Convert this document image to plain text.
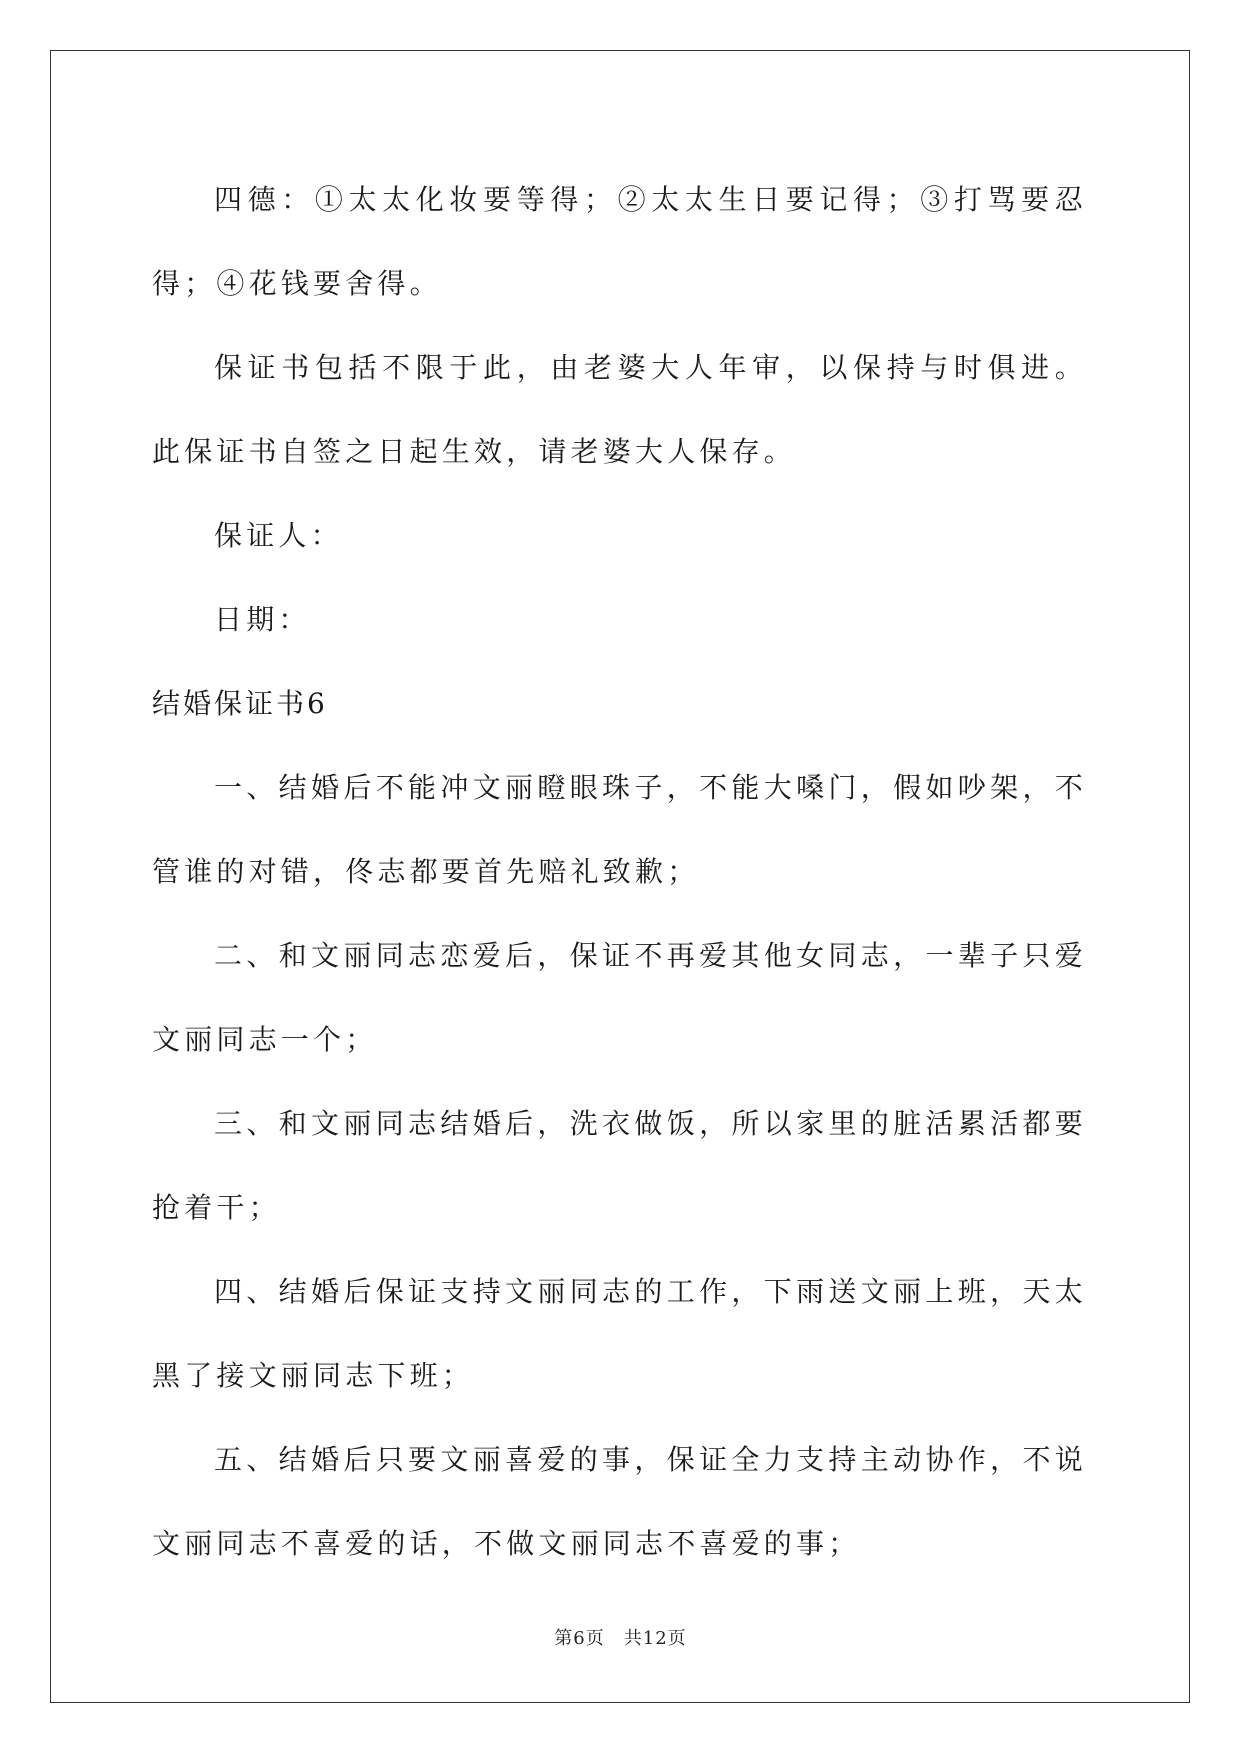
四德：①太太化妆要等得；②太太生日要记得；③打骂要忍得；④花钱要舍得。

保证书包括不限于此，由老婆大人年审，以保持与时俱进。 此保证书自签之日起生效，请老婆大人保存。

保证人：

日期：

结婚保证书6

一、结婚后不能冲文丽瞪眼珠子，不能大嗓门，假如吵架，不管谁的对错，佟志都要首先赔礼致歉；

二、和文丽同志恋爱后，保证不再爱其他女同志，一辈子只爱文丽同志一个；

三、和文丽同志结婚后，洗衣做饭，所以家里的脏活累活都要抢着干；

四、结婚后保证支持文丽同志的工作，下雨送文丽上班，天太黑了接文丽同志下班；

五、结婚后只要文丽喜爱的事，保证全力支持主动协作，不说文丽同志不喜爱的话，不做文丽同志不喜爱的事；

第6页　共12页
